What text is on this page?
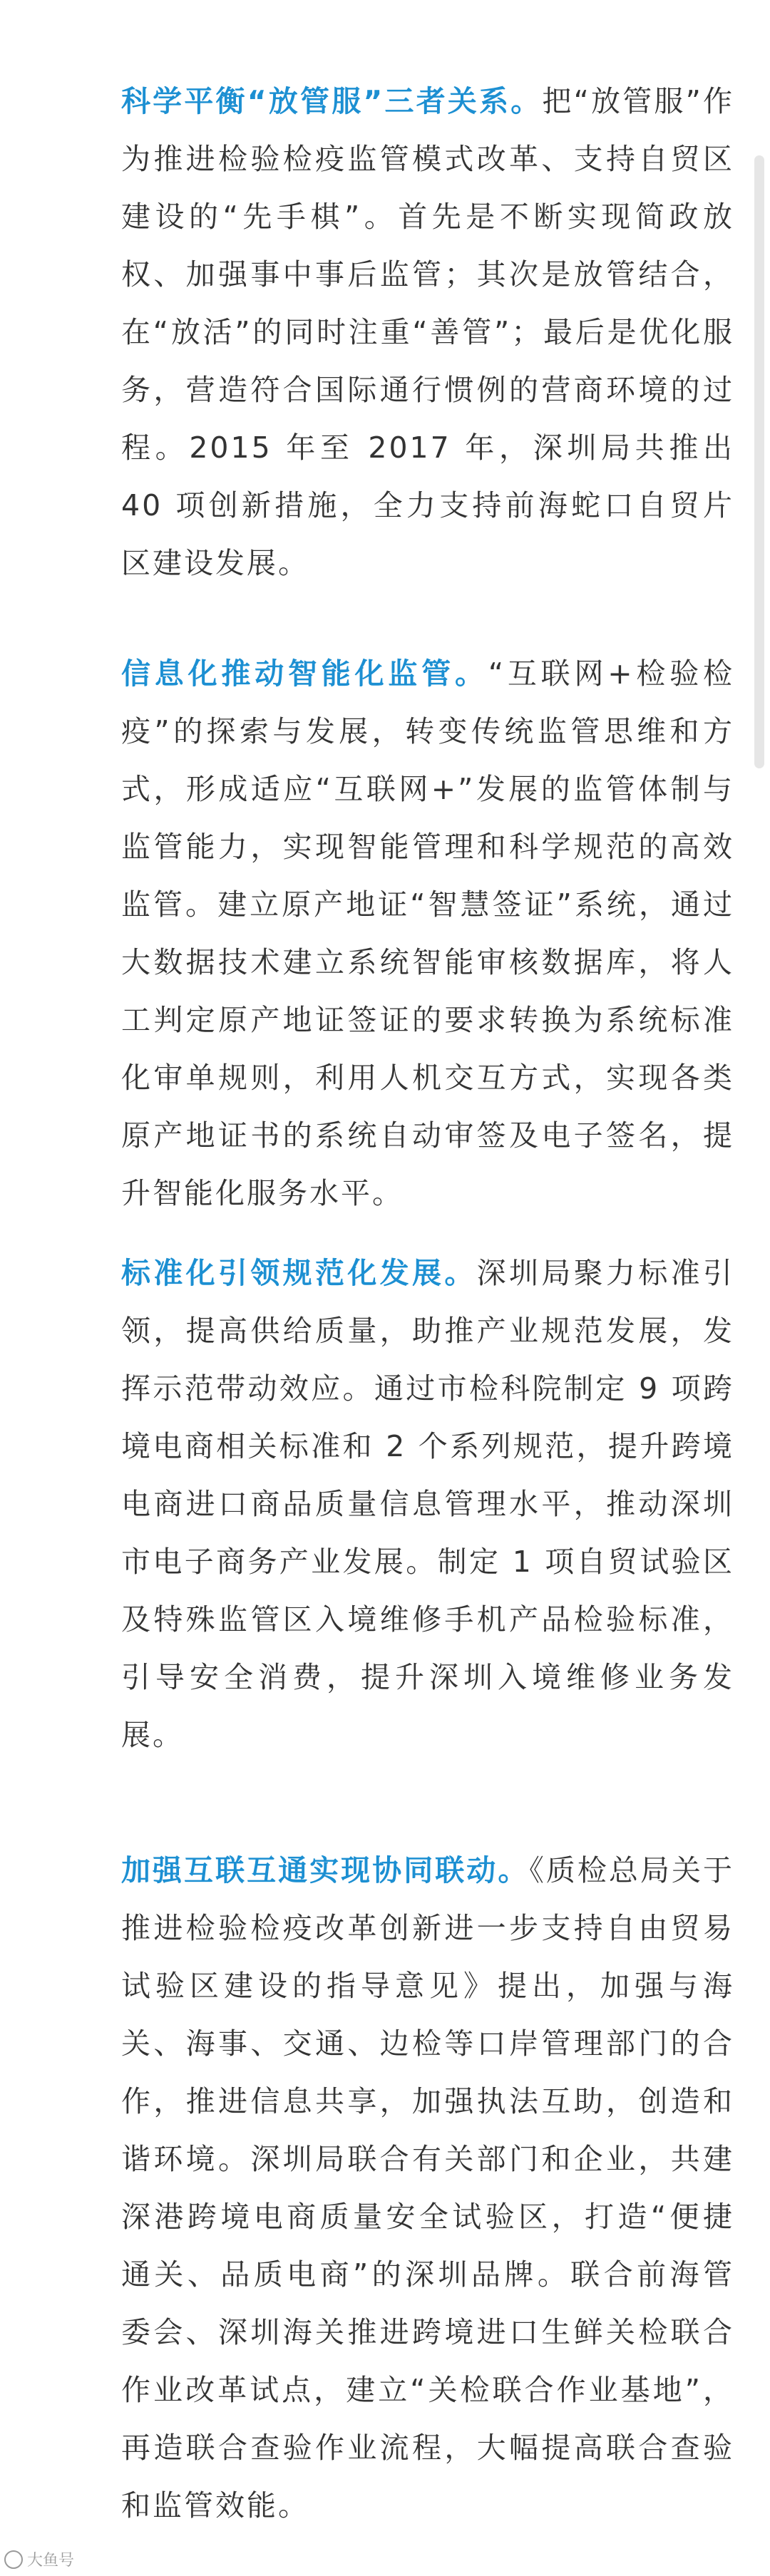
科学平衡“放管服”三者关系。把“放管服”作为推进检验检疫监管模式改革、支持自贸区建设的“先手棋”。首先是不断实现简政放权、加强事中事后监管；其次是放管结合，在“放活”的同时注重“善管”；最后是优化服务，营造符合国际通行惯例的营商环境的过程。2015 年至 2017 年，深圳局共推出 40 项创新措施，全力支持前海蛇口自贸片区建设发展。

信息化推动智能化监管。“互联网+检验检疫”的探索与发展，转变传统监管思维和方式，形成适应“互联网+”发展的监管体制与监管能力，实现智能管理和科学规范的高效监管。建立原产地证“智慧签证”系统，通过大数据技术建立系统智能审核数据库，将人工判定原产地证签证的要求转换为系统标准化审单规则，利用人机交互方式，实现各类原产地证书的系统自动审签及电子签名，提升智能化服务水平。

标准化引领规范化发展。深圳局聚力标准引领，提高供给质量，助推产业规范发展，发挥示范带动效应。通过市检科院制定 9 项跨境电商相关标准和 2 个系列规范，提升跨境电商进口商品质量信息管理水平，推动深圳市电子商务产业发展。制定 1 项自贸试验区及特殊监管区入境维修手机产品检验标准，引导安全消费，提升深圳入境维修业务发展。

加强互联互通实现协同联动。《质检总局关于推进检验检疫改革创新进一步支持自由贸易试验区建设的指导意见》提出，加强与海关、海事、交通、边检等口岸管理部门的合作，推进信息共享，加强执法互助，创造和谐环境。深圳局联合有关部门和企业，共建深港跨境电商质量安全试验区，打造“便捷通关、品质电商”的深圳品牌。联合前海管委会、深圳海关推进跨境进口生鲜关检联合作业改革试点，建立“关检联合作业基地”，再造联合查验作业流程，大幅提高联合查验和监管效能。

大鱼号
